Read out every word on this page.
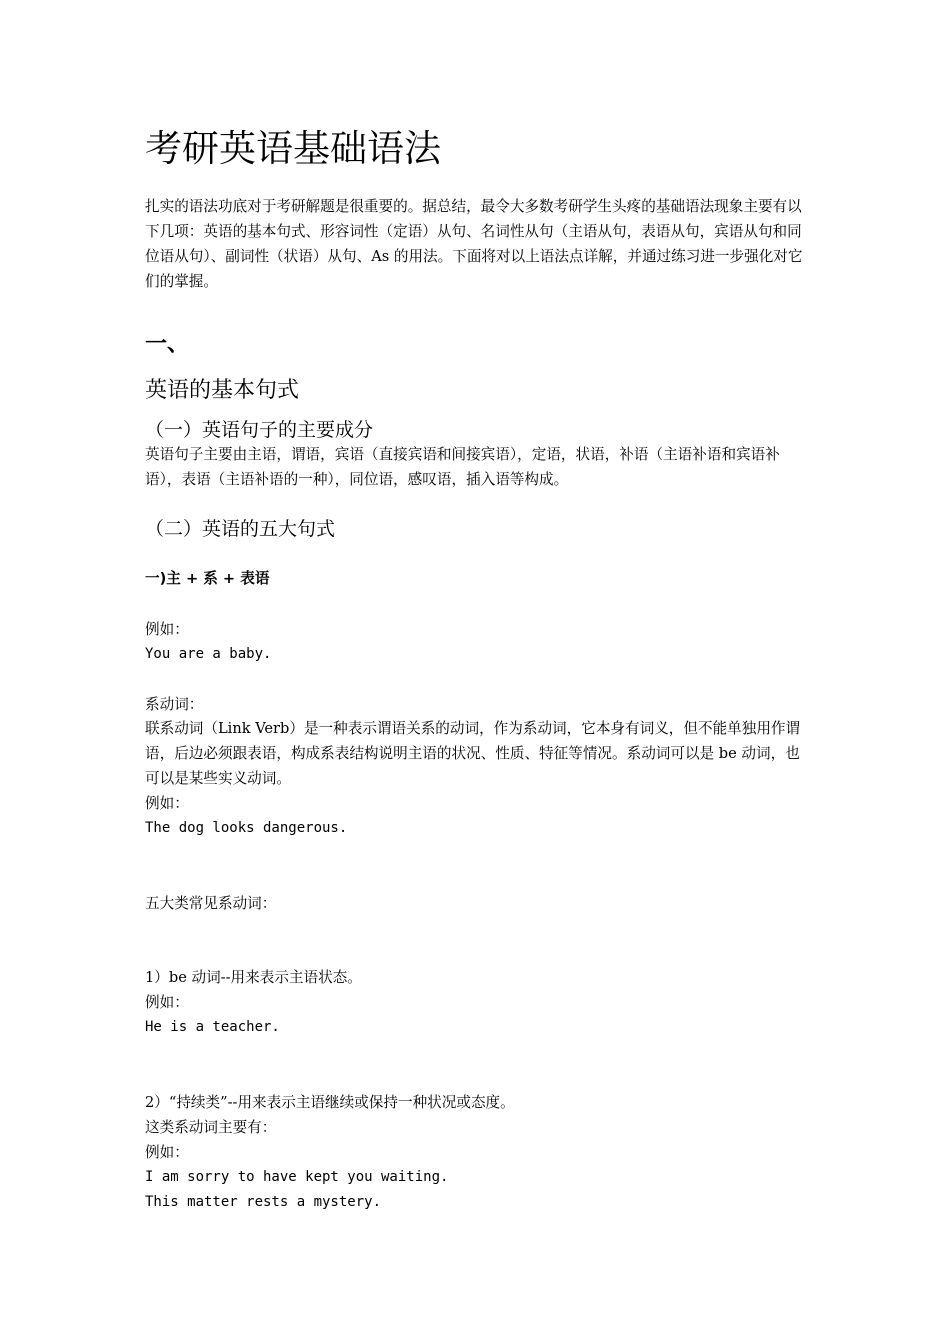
考研英语基础语法

扎实的语法功底对于考研解题是很重要的。据总结，最令大多数考研学生头疼的基础语法现象主要有以下几项：英语的基本句式、形容词性（定语）从句、名词性从句（主语从句，表语从句，宾语从句和同位语从句）、副词性（状语）从句、As 的用法。下面将对以上语法点详解，并通过练习进一步强化对它们的掌握。

一、
英语的基本句式
（一）英语句子的主要成分

英语句子主要由主语，谓语，宾语（直接宾语和间接宾语），定语，状语，补语（主语补语和宾语补语），表语（主语补语的一种），同位语，感叹语，插入语等构成。

（二）英语的五大句式
一)主 + 系 + 表语
例如：
You are a baby.
系动词：

联系动词（Link Verb）是一种表示谓语关系的动词，作为系动词，它本身有词义，但不能单独用作谓语，后边必须跟表语，构成系表结构说明主语的状况、性质、特征等情况。系动词可以是 be 动词，也可以是某些实义动词。

例如：
The dog looks dangerous.
五大类常见系动词：
1）be 动词--用来表示主语状态。
例如：
He is a teacher.
2）“持续类”--用来表示主语继续或保持一种状况或态度。
这类系动词主要有：
例如：
I am sorry to have kept you waiting.
This matter rests a mystery.
